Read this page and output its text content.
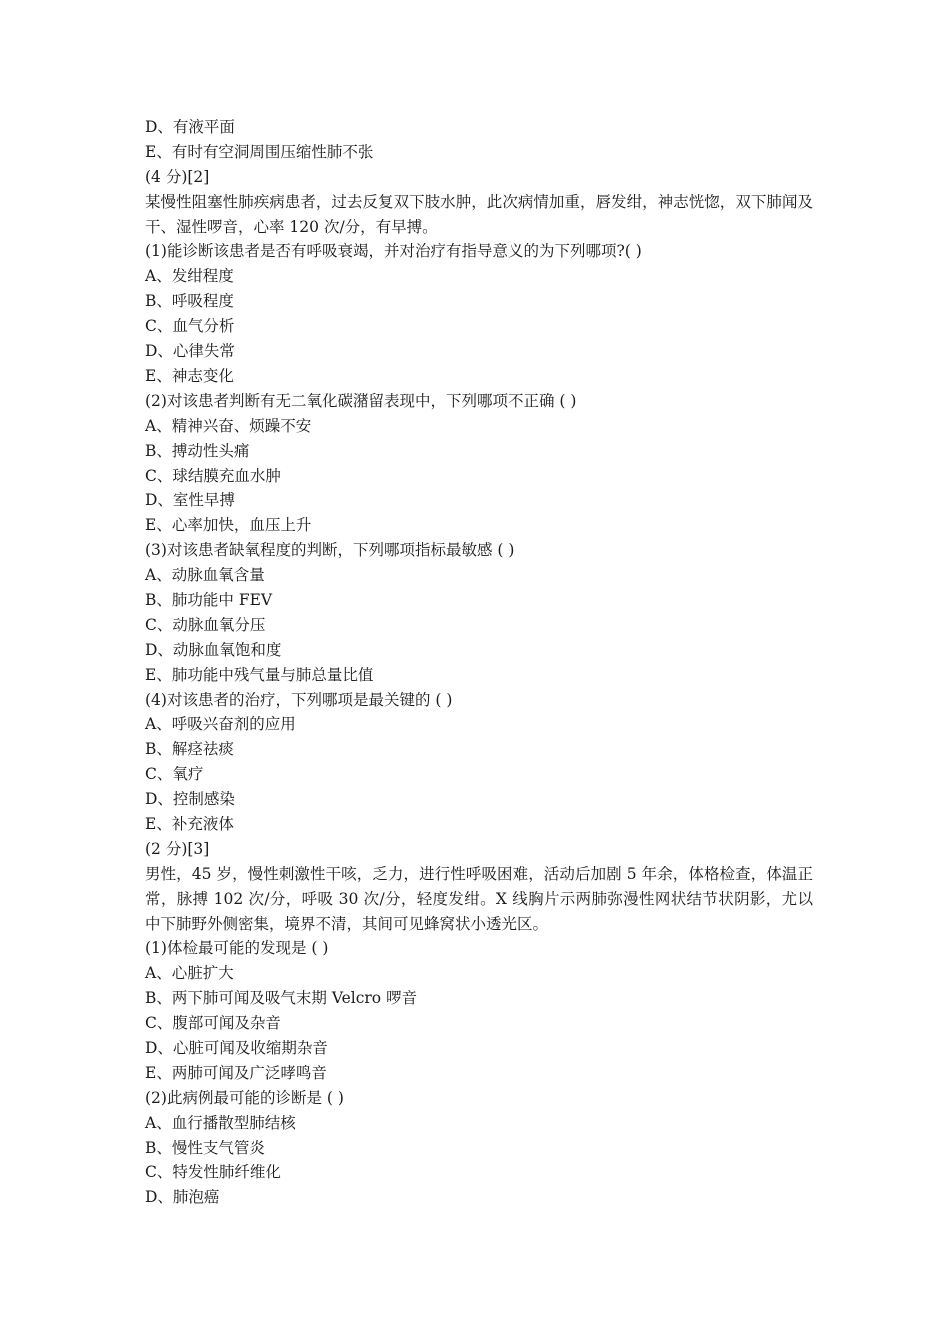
D、有液平面
E、有时有空洞周围压缩性肺不张
(4 分)[2]
某慢性阻塞性肺疾病患者，过去反复双下肢水肿，此次病情加重，唇发绀，神志恍惚，双下肺闻及干、湿性啰音，心率 120 次/分，有早搏。
(1)能诊断该患者是否有呼吸衰竭，并对治疗有指导意义的为下列哪项?( )
A、发绀程度
B、呼吸程度
C、血气分析
D、心律失常
E、神志变化
(2)对该患者判断有无二氧化碳潴留表现中，下列哪项不正确 ( )
A、精神兴奋、烦躁不安
B、搏动性头痛
C、球结膜充血水肿
D、室性早搏
E、心率加快，血压上升
(3)对该患者缺氧程度的判断，下列哪项指标最敏感 ( )
A、动脉血氧含量
B、肺功能中 FEV
C、动脉血氧分压
D、动脉血氧饱和度
E、肺功能中残气量与肺总量比值
(4)对该患者的治疗，下列哪项是最关键的 ( )
A、呼吸兴奋剂的应用
B、解痉祛痰
C、氧疗
D、控制感染
E、补充液体
(2 分)[3]
男性，45 岁，慢性刺激性干咳，乏力，进行性呼吸困难，活动后加剧 5 年余，体格检查，体温正常，脉搏 102 次/分，呼吸 30 次/分，轻度发绀。X 线胸片示两肺弥漫性网状结节状阴影，尤以中下肺野外侧密集，境界不清，其间可见蜂窝状小透光区。
(1)体检最可能的发现是 ( )
A、心脏扩大
B、两下肺可闻及吸气末期 Velcro 啰音
C、腹部可闻及杂音
D、心脏可闻及收缩期杂音
E、两肺可闻及广泛哮鸣音
(2)此病例最可能的诊断是 ( )
A、血行播散型肺结核
B、慢性支气管炎
C、特发性肺纤维化
D、肺泡癌
